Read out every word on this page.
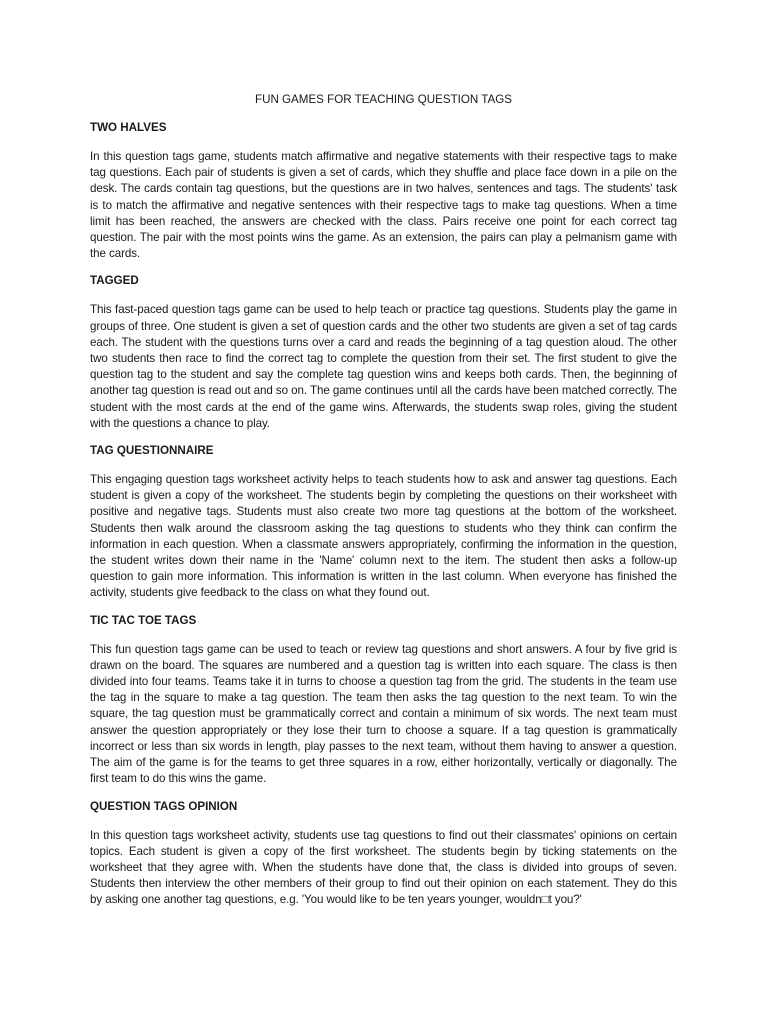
FUN GAMES FOR TEACHING QUESTION TAGS
TWO HALVES

In this question tags game, students match affirmative and negative statements with their respective tags to make tag questions. Each pair of students is given a set of cards, which they shuffle and place face down in a pile on the desk. The cards contain tag questions, but the questions are in two halves, sentences and tags. The students' task is to match the affirmative and negative sentences with their respective tags to make tag questions. When a time limit has been reached, the answers are checked with the class. Pairs receive one point for each correct tag question. The pair with the most points wins the game. As an extension, the pairs can play a pelmanism game with the cards.

TAGGED

This fast-paced question tags game can be used to help teach or practice tag questions. Students play the game in groups of three. One student is given a set of question cards and the other two students are given a set of tag cards each. The student with the questions turns over a card and reads the beginning of a tag question aloud. The other two students then race to find the correct tag to complete the question from their set. The first student to give the question tag to the student and say the complete tag question wins and keeps both cards. Then, the beginning of another tag question is read out and so on. The game continues until all the cards have been matched correctly. The student with the most cards at the end of the game wins. Afterwards, the students swap roles, giving the student with the questions a chance to play.

TAG QUESTIONNAIRE

This engaging question tags worksheet activity helps to teach students how to ask and answer tag questions. Each student is given a copy of the worksheet. The students begin by completing the questions on their worksheet with positive and negative tags. Students must also create two more tag questions at the bottom of the worksheet. Students then walk around the classroom asking the tag questions to students who they think can confirm the information in each question. When a classmate answers appropriately, confirming the information in the question, the student writes down their name in the 'Name' column next to the item. The student then asks a follow-up question to gain more information. This information is written in the last column. When everyone has finished the activity, students give feedback to the class on what they found out.

TIC TAC TOE TAGS

This fun question tags game can be used to teach or review tag questions and short answers. A four by five grid is drawn on the board. The squares are numbered and a question tag is written into each square. The class is then divided into four teams. Teams take it in turns to choose a question tag from the grid. The students in the team use the tag in the square to make a tag question. The team then asks the tag question to the next team. To win the square, the tag question must be grammatically correct and contain a minimum of six words. The next team must answer the question appropriately or they lose their turn to choose a square. If a tag question is grammatically incorrect or less than six words in length, play passes to the next team, without them having to answer a question. The aim of the game is for the teams to get three squares in a row, either horizontally, vertically or diagonally. The first team to do this wins the game.

QUESTION TAGS OPINION

In this question tags worksheet activity, students use tag questions to find out their classmates' opinions on certain topics. Each student is given a copy of the first worksheet. The students begin by ticking statements on the worksheet that they agree with. When the students have done that, the class is divided into groups of seven. Students then interview the other members of their group to find out their opinion on each statement. They do this by asking one another tag questions, e.g. 'You would like to be ten years younger, wouldn□t you?'
